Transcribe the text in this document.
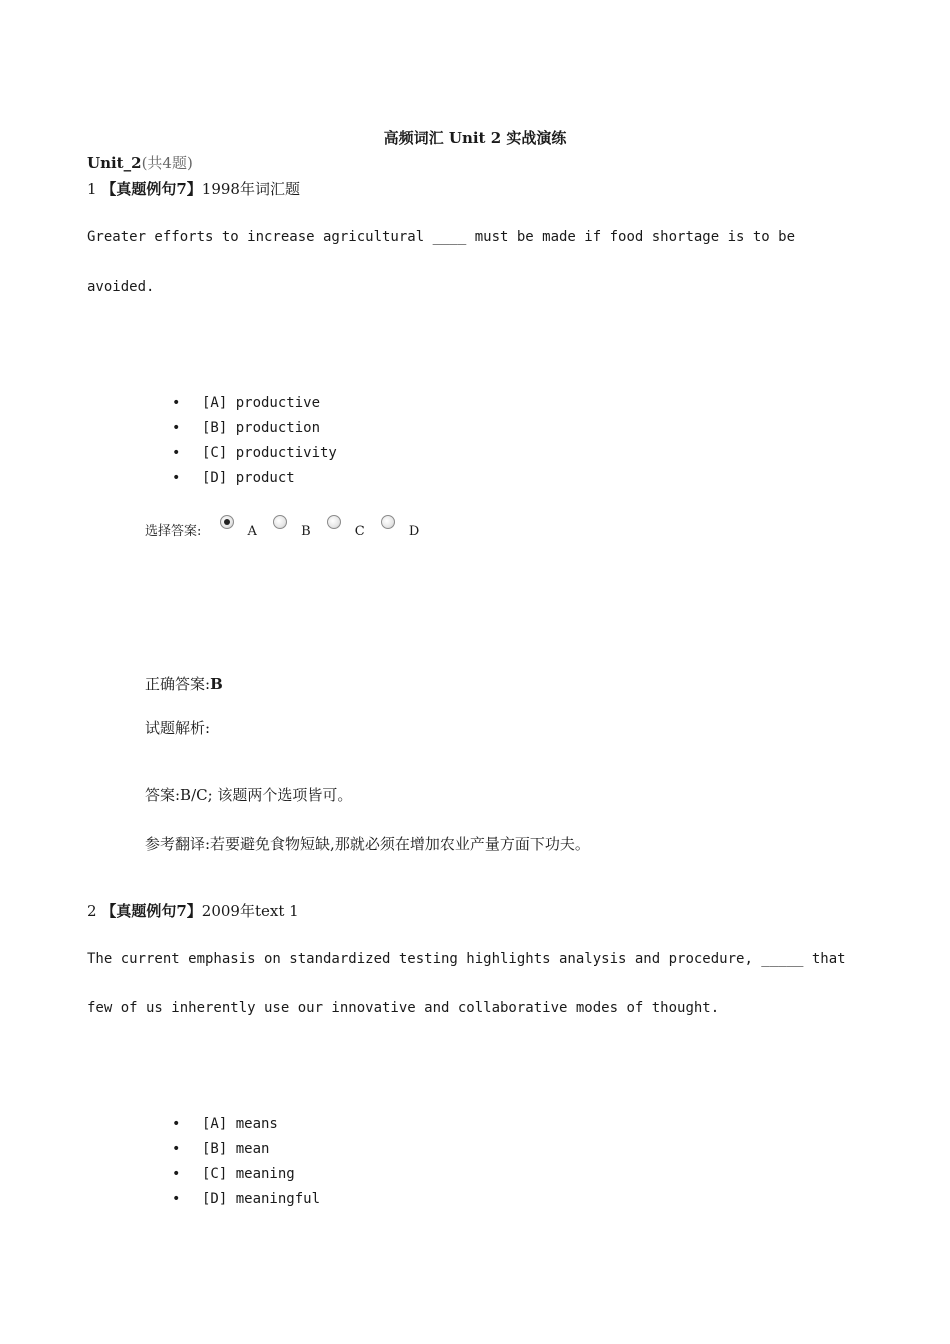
高频词汇 Unit 2 实战演练
Unit_2(共4题)
1 【真题例句7】1998年词汇题
Greater efforts to increase agricultural ____ must be made if food shortage is to be
avoided.
• [A] productive
• [B] production
• [C] productivity
• [D] product
选择答案:	A	B	C	D
正确答案:B
试题解析:
答案:B/C; 该题两个选项皆可。
参考翻译:若要避免食物短缺,那就必须在增加农业产量方面下功夫。
2 【真题例句7】2009年text 1
The current emphasis on standardized testing highlights analysis and procedure, _____ that
few of us inherently use our innovative and collaborative modes of thought.
• [A] means
• [B] mean
• [C] meaning
• [D] meaningful
